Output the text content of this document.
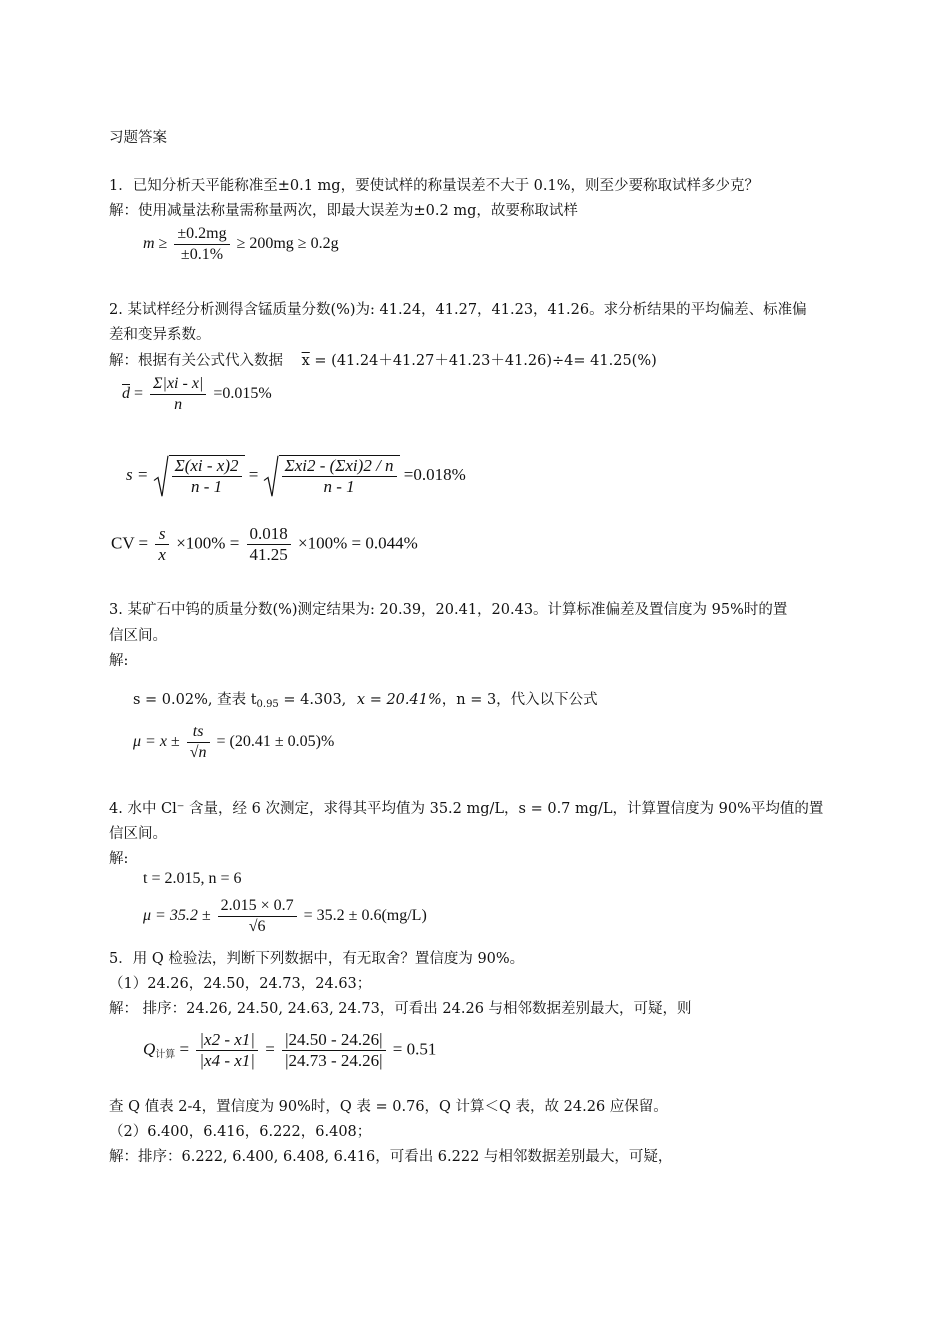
习题答案
1．已知分析天平能称准至±0.1 mg，要使试样的称量误差不大于 0.1%，则至少要称取试样多少克？
解：使用减量法称量需称量两次，即最大误差为±0.2 mg，故要称取试样
$m \ge \frac{\pm 0.2mg}{\pm 0.1\%} \ge 200mg \ge 0.2g$
2. 某试样经分析测得含锰质量分数(%)为: 41.24，41.27，41.23，41.26。求分析结果的平均偏差、标准偏
差和变异系数。
解：根据有关公式代入数据 $\overline{x} = (41.24+41.27+41.23+41.26)\div 4= 41.25(\%)$
$\overline{d} = \frac{\Sigma|xi - x|}{n} =0.015\%$
$s = \frac{\Sigma(xi - x)2}{n - 1} = \frac{\text{Σxi2 - (Σxi)2 / n}}{n - 1} =0.018\%$
CV = $\frac{s}{x} \times 100\% = \frac{0.018}{41.25} \times 100\% = 0.044\%$
3. 某矿石中钨的质量分数(%)测定结果为: 20.39，20.41，20.43。计算标准偏差及置信度为 95%时的置
信区间。
解:
s = 0.02%, 查表 $t_{0.95} = 4.303$, x = 20.41%，n = 3，代入以下公式
$\mu = x \pm \frac{ts}{√n} = (20.41 \pm 0.05)\%$
4. 水中 Cl⁻ 含量，经 6 次测定，求得其平均值为 35.2 mg/L，s = 0.7 mg/L，计算置信度为 90%平均值的置
信区间。
解:
t = 2.015, n = 6
$\mu = 35.2 \pm \frac{2.015 \times 0.7}{√6} = 35.2 \pm 0.6(mg/L)$
5．用 Q 检验法，判断下列数据中，有无取舍？置信度为 90%。
（1）24.26，24.50，24.73，24.63；
解： 排序：24.26, 24.50, 24.63, 24.73，可看出 24.26 与相邻数据差别最大，可疑，则
$Q_{计算} = \frac{|x2 - x1|}{|x4 - x1|} = \frac{|24.50 - 24.26|}{|24.73 - 24.26|} = 0.51$
查 Q 值表 2-4，置信度为 90%时，Q 表 = 0.76，Q 计算＜Q 表，故 24.26 应保留。
（2）6.400，6.416，6.222，6.408；
解：排序：6.222, 6.400, 6.408, 6.416，可看出 6.222 与相邻数据差别最大，可疑，
